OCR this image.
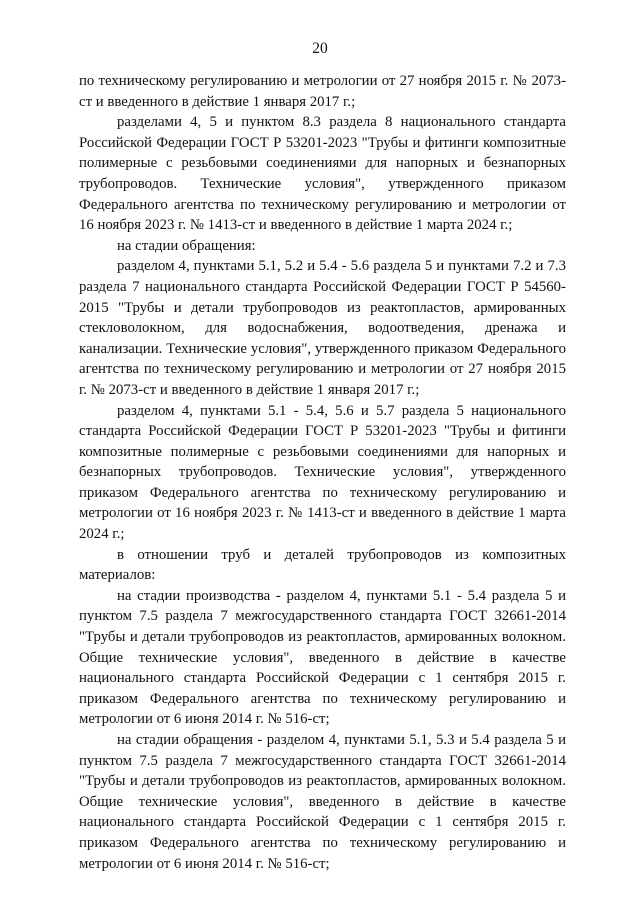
20

по техническому регулированию и метрологии от 27 ноября 2015 г. № 2073-ст и введенного в действие 1 января 2017 г.;

разделами 4, 5 и пунктом 8.3 раздела 8 национального стандарта Российской Федерации ГОСТ Р 53201-2023 "Трубы и фитинги композитные полимерные с резьбовыми соединениями для напорных и безнапорных трубопроводов. Технические условия", утвержденного приказом Федерального агентства по техническому регулированию и метрологии от 16 ноября 2023 г. № 1413-ст и введенного в действие 1 марта 2024 г.;

на стадии обращения:

разделом 4, пунктами 5.1, 5.2 и 5.4 - 5.6 раздела 5 и пунктами 7.2 и 7.3 раздела 7 национального стандарта Российской Федерации ГОСТ Р 54560-2015 "Трубы и детали трубопроводов из реактопластов, армированных стекловолокном, для водоснабжения, водоотведения, дренажа и канализации. Технические условия", утвержденного приказом Федерального агентства по техническому регулированию и метрологии от 27 ноября 2015 г. № 2073-ст и введенного в действие 1 января 2017 г.;

разделом 4, пунктами 5.1 - 5.4, 5.6 и 5.7 раздела 5 национального стандарта Российской Федерации ГОСТ Р 53201-2023 "Трубы и фитинги композитные полимерные с резьбовыми соединениями для напорных и безнапорных трубопроводов. Технические условия", утвержденного приказом Федерального агентства по техническому регулированию и метрологии от 16 ноября 2023 г. № 1413-ст и введенного в действие 1 марта 2024 г.;

в отношении труб и деталей трубопроводов из композитных материалов:

на стадии производства - разделом 4, пунктами 5.1 - 5.4 раздела 5 и пунктом 7.5 раздела 7 межгосударственного стандарта ГОСТ 32661-2014 "Трубы и детали трубопроводов из реактопластов, армированных волокном. Общие технические условия", введенного в действие в качестве национального стандарта Российской Федерации с 1 сентября 2015 г. приказом Федерального агентства по техническому регулированию и метрологии от 6 июня 2014 г. № 516-ст;

на стадии обращения - разделом 4, пунктами 5.1, 5.3 и 5.4 раздела 5 и пунктом 7.5 раздела 7 межгосударственного стандарта ГОСТ 32661-2014 "Трубы и детали трубопроводов из реактопластов, армированных волокном. Общие технические условия", введенного в действие в качестве национального стандарта Российской Федерации с 1 сентября 2015 г. приказом Федерального агентства по техническому регулированию и метрологии от 6 июня 2014 г. № 516-ст;
